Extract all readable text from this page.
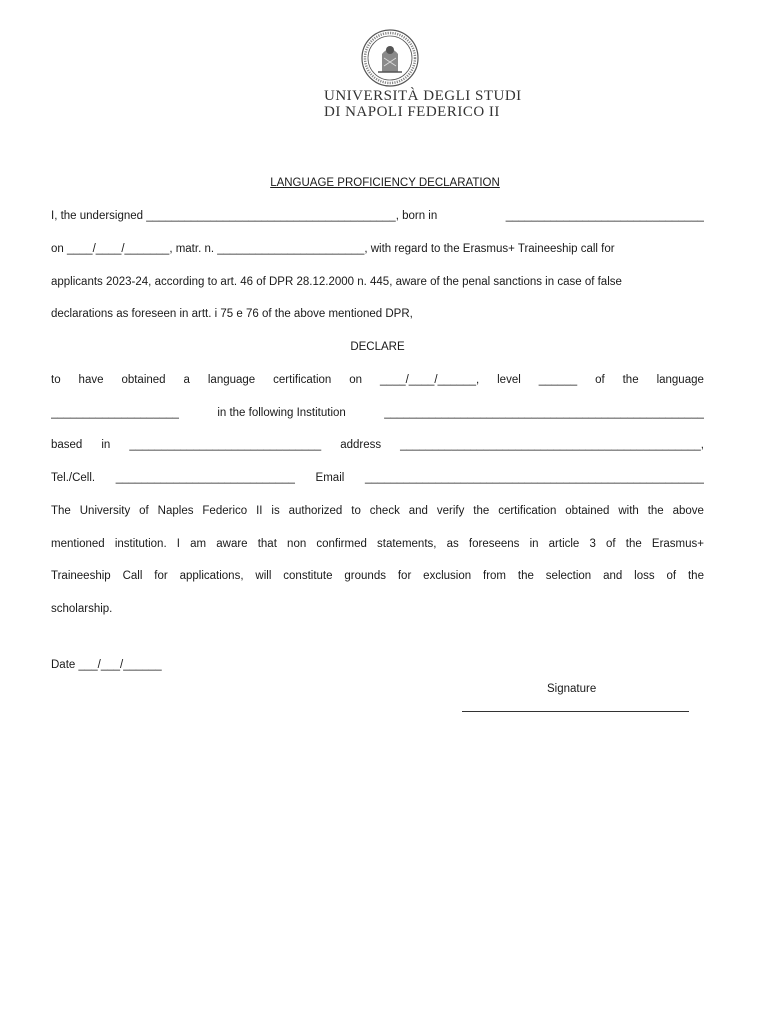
UNIVERSITÀ DEGLI STUDI
DI NAPOLI FEDERICO II
LANGUAGE PROFICIENCY DECLARATION
I, the undersigned _______________________________________, born in	_______________________________
on ____/____/_______, matr. n. _______________________, with regard to the Erasmus+ Traineeship call for
applicants 2023-24, according to art. 46 of DPR 28.12.2000 n. 445, aware of the penal sanctions in case of false
declarations as foreseen in artt. i 75 e 76 of the above mentioned DPR,
DECLARE
to have obtained a language certification on ____/____/______, level ______ of the language
____________________	in the following Institution	__________________________________________________
based in ______________________________ address _______________________________________________,
Tel./Cell. ____________________________ Email _____________________________________________________
The University of Naples Federico II is authorized to check and verify the certification obtained with the above
mentioned institution. I am aware that non confirmed statements, as foreseens in article 3 of the Erasmus+
Traineeship Call for applications, will constitute grounds for exclusion from the selection and loss of the
scholarship.
Date ___/___/______
Signature
